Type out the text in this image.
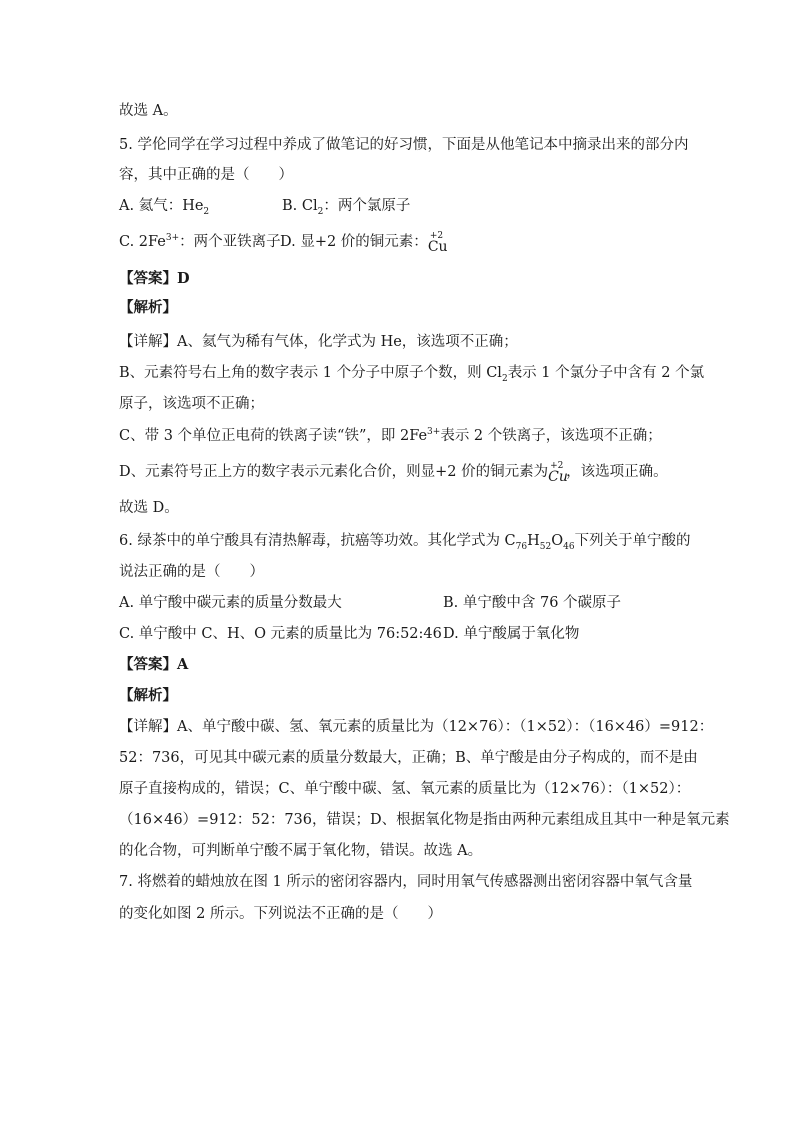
故选 A。
5. 学伦同学在学习过程中养成了做笔记的好习惯，下面是从他笔记本中摘录出来的部分内
容，其中正确的是（　　）
A. 氦气：$He_2$	B. $Cl_2$：两个氯原子
C. $2Fe^{3+}$：两个亚铁离子 D. 显+2 价的铜元素： +2
Cu
【答案】D
【解析】
【详解】A、氦气为稀有气体，化学式为 He，该选项不正确；
B、元素符号右上角的数字表示 1 个分子中原子个数，则 $Cl_2$表示 1 个氯分子中含有 2 个氯
原子，该选项不正确；
C、带 3 个单位正电荷的铁离子读“铁”，即 $2Fe^{3+}$表示 2 个铁离子，该选项不正确；
D、元素符号正上方的数字表示元素化合价，则显+2 价的铜元素为 +2
Cu
，该选项正确。
故选 D。
6. 绿茶中的单宁酸具有清热解毒，抗癌等功效。其化学式为 $C_{76}H_{52}O_{46}$下列关于单宁酸的
说法正确的是（　　）
A. 单宁酸中碳元素的质量分数最大	B. 单宁酸中含 76 个碳原子
C. 单宁酸中 C、H、O 元素的质量比为 76:52:46 D. 单宁酸属于氧化物
【答案】A
【解析】
【详解】A、单宁酸中碳、氢、氧元素的质量比为（12×76）：（1×52）：（16×46）=912：
52：736，可见其中碳元素的质量分数最大，正确；B、单宁酸是由分子构成的，而不是由
原子直接构成的，错误；C、单宁酸中碳、氢、氧元素的质量比为（12×76）：（1×52）：
（16×46）=912：52：736，错误；D、根据氧化物是指由两种元素组成且其中一种是氧元素
的化合物，可判断单宁酸不属于氧化物，错误。故选 A。
7. 将燃着的蜡烛放在图 1 所示的密闭容器内，同时用氧气传感器测出密闭容器中氧气含量
的变化如图 2 所示。下列说法不正确的是（　　）
